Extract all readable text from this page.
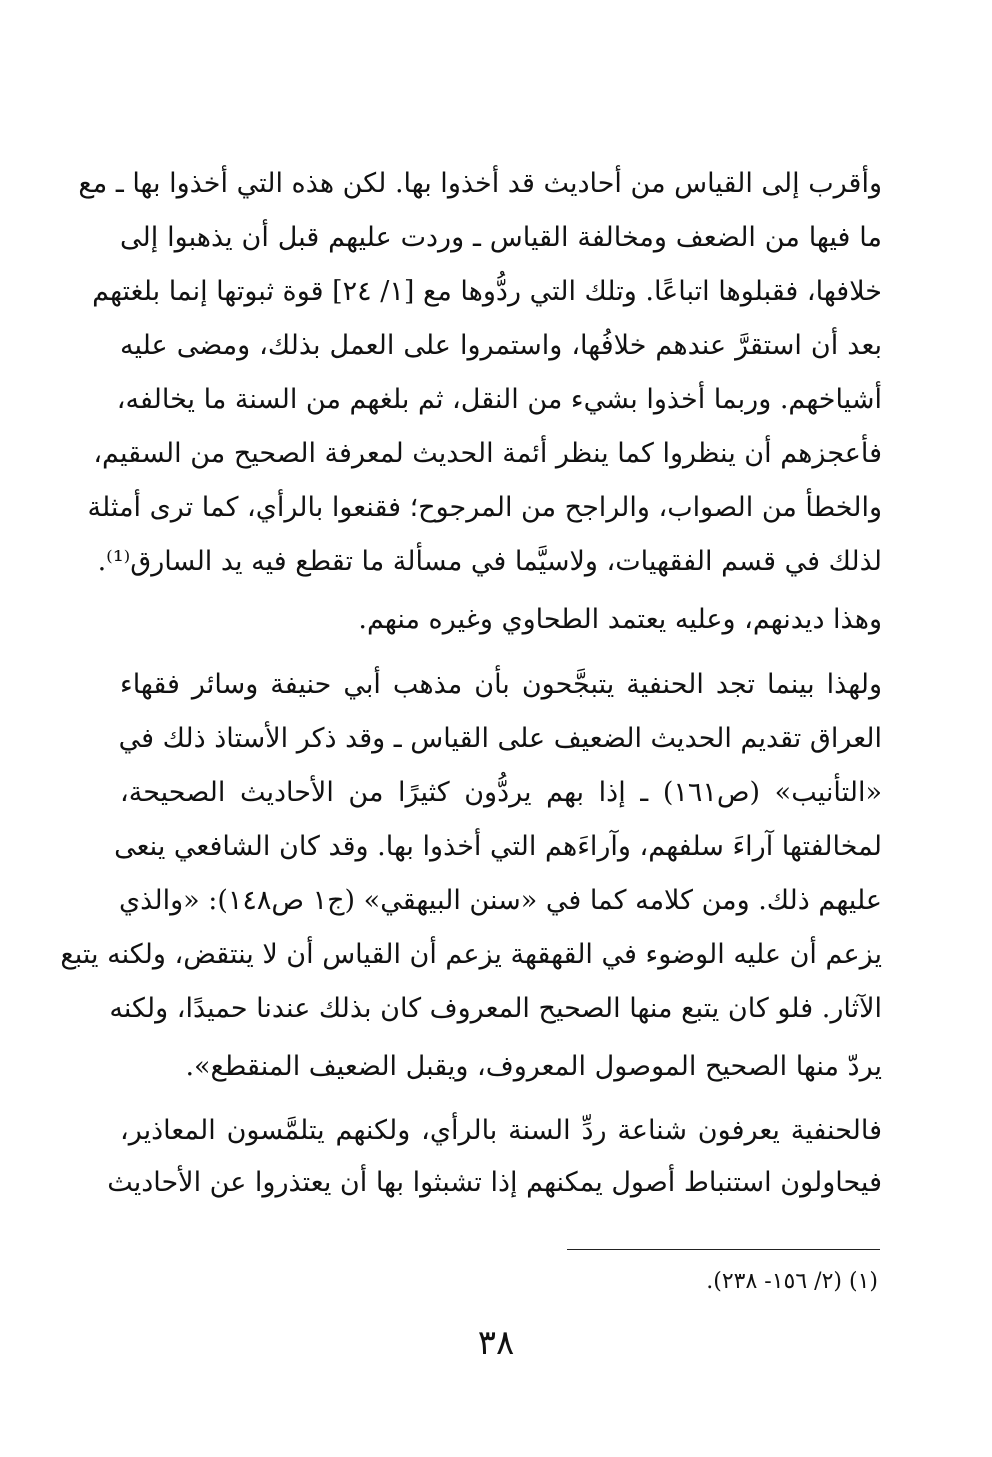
وأقرب إلى القياس من أحاديث قد أخذوا بها. لكن هذه التي أخذوا بها ـ مع
ما فيها من الضعف ومخالفة القياس ـ وردت عليهم قبل أن يذهبوا إلى
خلافها، فقبلوها اتباعًا. وتلك التي ردُّوها مع [١/ ٢٤] قوة ثبوتها إنما بلغتهم
بعد أن استقرَّ عندهم خلافُها، واستمروا على العمل بذلك، ومضى عليه
أشياخهم. وربما أخذوا بشيء من النقل، ثم بلغهم من السنة ما يخالفه،
فأعجزهم أن ينظروا كما ينظر أئمة الحديث لمعرفة الصحيح من السقيم،
والخطأ من الصواب، والراجح من المرجوح؛ فقنعوا بالرأي، كما ترى أمثلة
لذلك في قسم الفقهيات، ولاسيَّما في مسألة ما تقطع فيه يد السارق⁽¹⁾.
وهذا ديدنهم، وعليه يعتمد الطحاوي وغيره منهم.
ولهذا بينما تجد الحنفية يتبجَّحون بأن مذهب أبي حنيفة وسائر فقهاء
العراق تقديم الحديث الضعيف على القياس ـ وقد ذكر الأستاذ ذلك في
«التأنيب» (ص١٦١) ـ إذا بهم يردُّون كثيرًا من الأحاديث الصحيحة،
لمخالفتها آراءَ سلفهم، وآراءَهم التي أخذوا بها. وقد كان الشافعي ينعى
عليهم ذلك. ومن كلامه كما في «سنن البيهقي» (ج١ ص١٤٨): «والذي
يزعم أن عليه الوضوء في القهقهة يزعم أن القياس أن لا ينتقض، ولكنه يتبع
الآثار. فلو كان يتبع منها الصحيح المعروف كان بذلك عندنا حميدًا، ولكنه
يردّ منها الصحيح الموصول المعروف، ويقبل الضعيف المنقطع».
فالحنفية يعرفون شناعة ردِّ السنة بالرأي، ولكنهم يتلمَّسون المعاذير،
فيحاولون استنباط أصول يمكنهم إذا تشبثوا بها أن يعتذروا عن الأحاديث
(١) (٢/ ١٥٦- ٢٣٨).
٣٨
